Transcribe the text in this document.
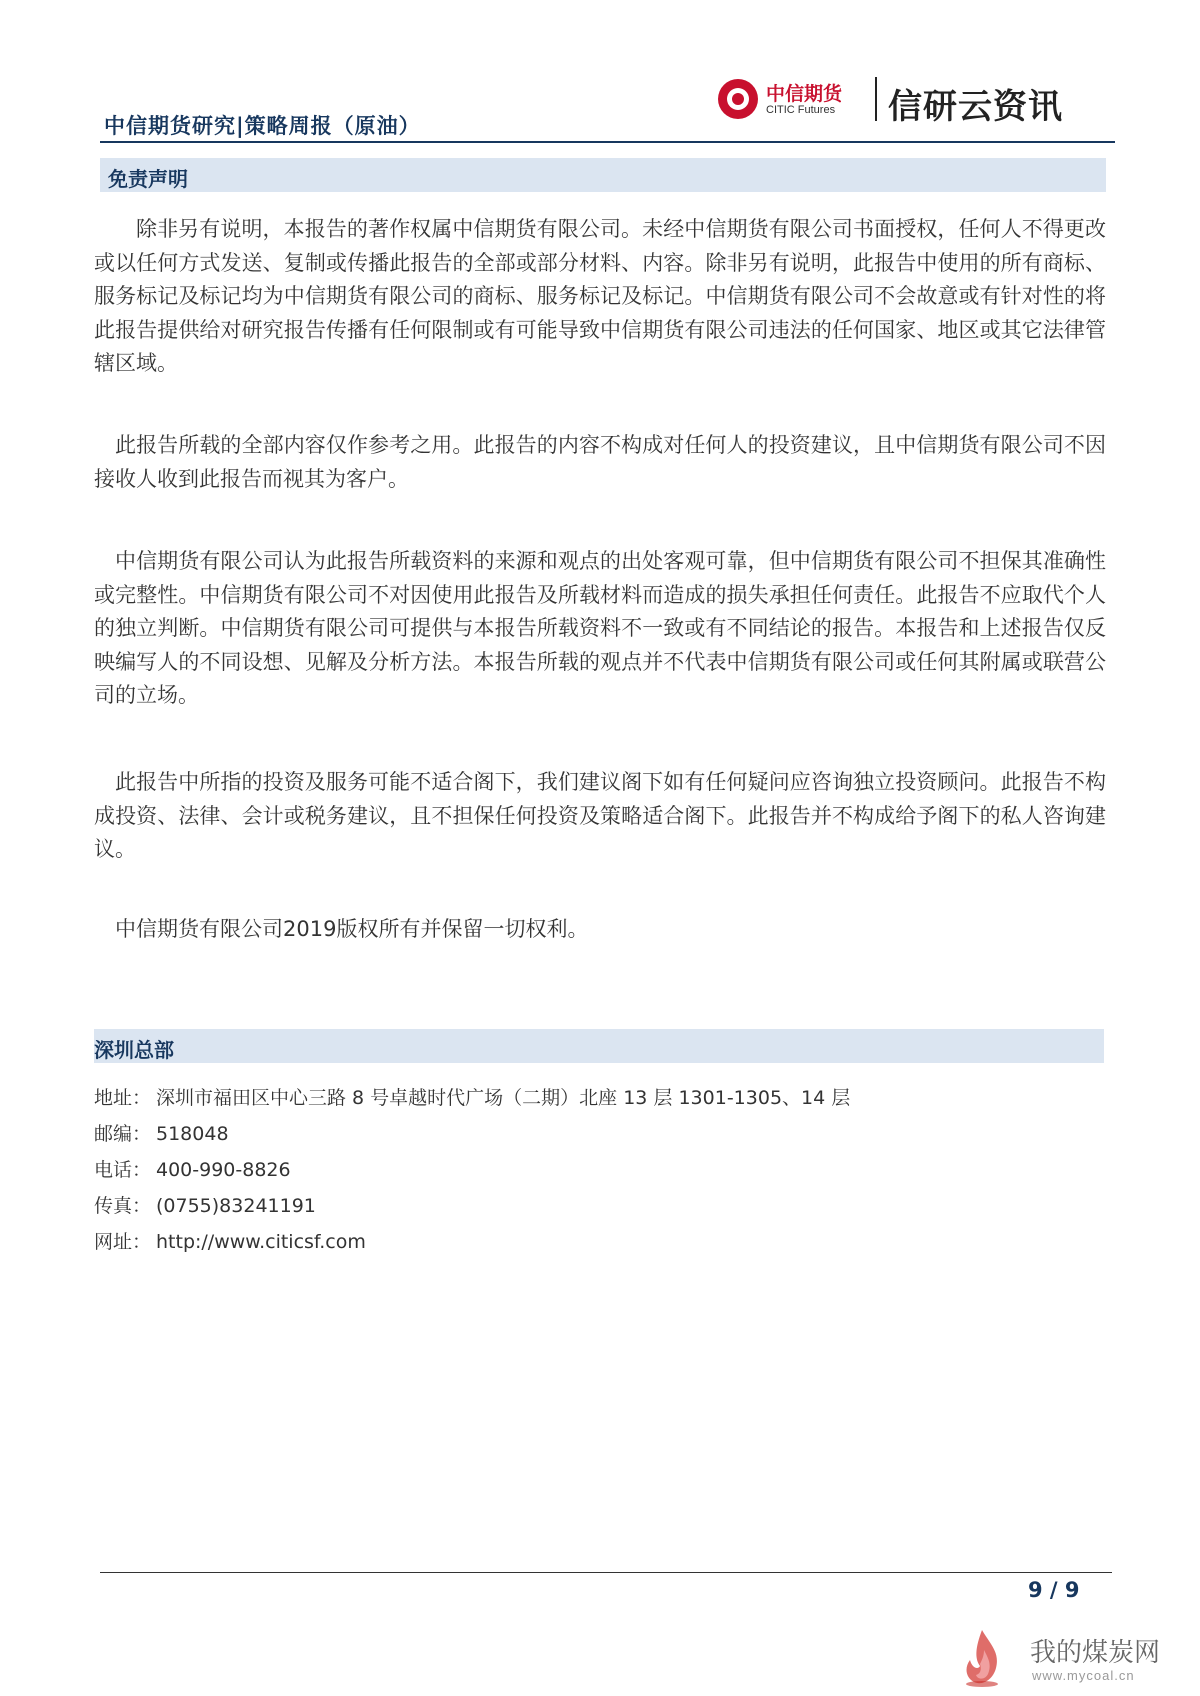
中信期货研究|策略周报（原油）
中信期货
CITIC Futures 信研云资讯
免责声明
除非另有说明，本报告的著作权属中信期货有限公司。未经中信期货有限公司书面授权，任何人不得更改或以任何方式发送、复制或传播此报告的全部或部分材料、内容。除非另有说明，此报告中使用的所有商标、服务标记及标记均为中信期货有限公司的商标、服务标记及标记。中信期货有限公司不会故意或有针对性的将此报告提供给对研究报告传播有任何限制或有可能导致中信期货有限公司违法的任何国家、地区或其它法律管辖区域。
此报告所载的全部内容仅作参考之用。此报告的内容不构成对任何人的投资建议，且中信期货有限公司不因接收人收到此报告而视其为客户。
中信期货有限公司认为此报告所载资料的来源和观点的出处客观可靠，但中信期货有限公司不担保其准确性或完整性。中信期货有限公司不对因使用此报告及所载材料而造成的损失承担任何责任。此报告不应取代个人的独立判断。中信期货有限公司可提供与本报告所载资料不一致或有不同结论的报告。本报告和上述报告仅反映编写人的不同设想、见解及分析方法。本报告所载的观点并不代表中信期货有限公司或任何其附属或联营公司的立场。
此报告中所指的投资及服务可能不适合阁下，我们建议阁下如有任何疑问应咨询独立投资顾问。此报告不构成投资、法律、会计或税务建议，且不担保任何投资及策略适合阁下。此报告并不构成给予阁下的私人咨询建议。
中信期货有限公司2019版权所有并保留一切权利。
深圳总部
地址： 深圳市福田区中心三路 8 号卓越时代广场（二期）北座 13 层 1301-1305、14 层
邮编： 518048
电话： 400-990-8826
传真： (0755)83241191
网址： http://www.citicsf.com
9 / 9
我的煤炭网
www.mycoal.cn
